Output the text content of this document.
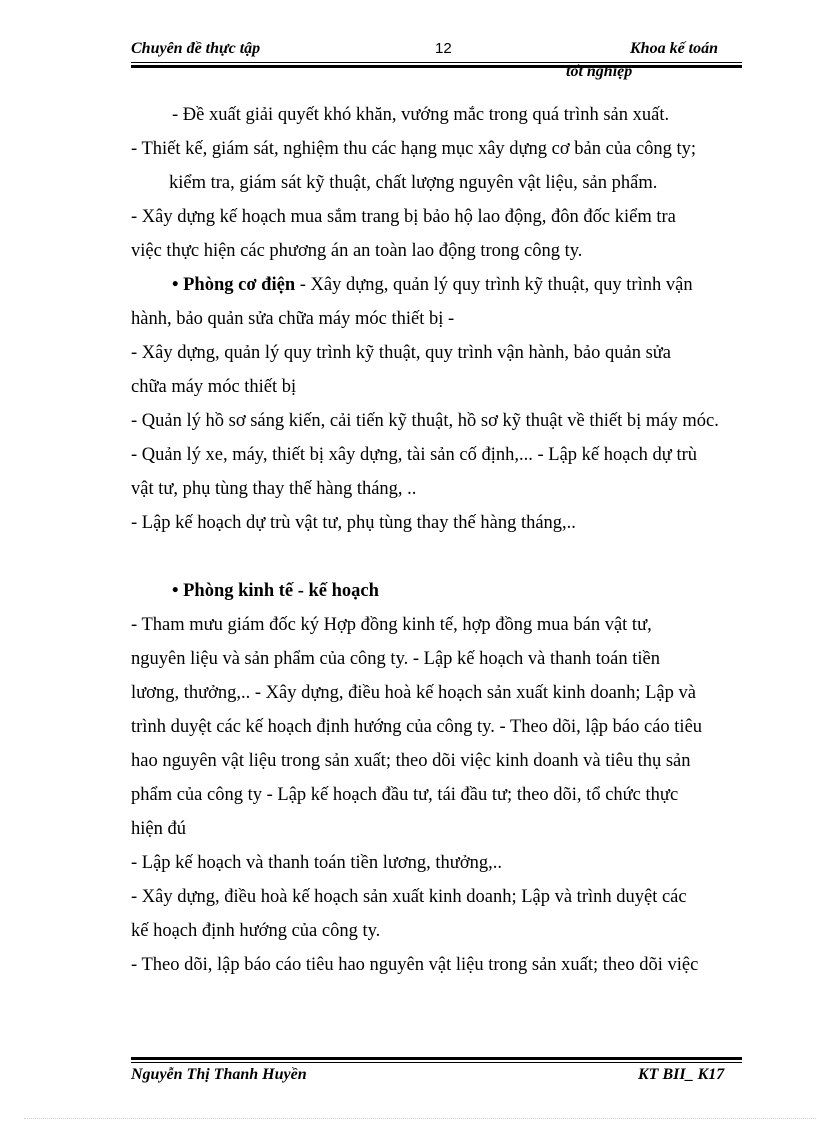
Chuyên đề thực tập	12	Khoa kế toán
tốt nghiệp
- Đề xuất giải quyết khó khăn, vướng mắc trong quá trình sản xuất.
- Thiết kế, giám sát, nghiệm thu các hạng mục xây dựng cơ bản của công ty;
kiểm tra, giám sát kỹ thuật, chất lượng nguyên vật liệu, sản phẩm.
- Xây dựng kế hoạch mua sắm trang bị bảo hộ lao động, đôn đốc kiểm tra
việc thực hiện các phương án an toàn lao động trong công ty.
• Phòng cơ điện - Xây dựng, quản lý quy trình kỹ thuật, quy trình vận
hành, bảo quản sửa chữa máy móc thiết bị -
- Xây dựng, quản lý quy trình kỹ thuật, quy trình vận hành, bảo quản sửa
chữa máy móc thiết bị
- Quản lý hồ sơ sáng kiến, cải tiến kỹ thuật, hồ sơ kỹ thuật về thiết bị máy móc.
- Quản lý xe, máy, thiết bị xây dựng, tài sản cố định,... - Lập kế hoạch dự trù
vật tư, phụ tùng thay thế hàng tháng, ..
- Lập kế hoạch dự trù vật tư, phụ tùng thay thế hàng tháng,..
• Phòng kinh tế - kế hoạch
- Tham mưu giám đốc ký Hợp đồng kinh tế, hợp đồng mua bán vật tư,
nguyên liệu và sản phẩm của công ty. - Lập kế hoạch và thanh toán tiền
lương, thưởng,.. - Xây dựng, điều hoà kế hoạch sản xuất kinh doanh; Lập và
trình duyệt các kế hoạch định hướng của công ty. - Theo dõi, lập báo cáo tiêu
hao nguyên vật liệu trong sản xuất; theo dõi việc kinh doanh và tiêu thụ sản
phẩm của công ty - Lập kế hoạch đầu tư, tái đầu tư; theo dõi, tổ chức thực
hiện đú
- Lập kế hoạch và thanh toán tiền lương, thưởng,..
- Xây dựng, điều hoà kế hoạch sản xuất kinh doanh; Lập và trình duyệt các
kế hoạch định hướng của công ty.
- Theo dõi, lập báo cáo tiêu hao nguyên vật liệu trong sản xuất; theo dõi việc
Nguyễn Thị Thanh Huyền	KT BII_ K17
